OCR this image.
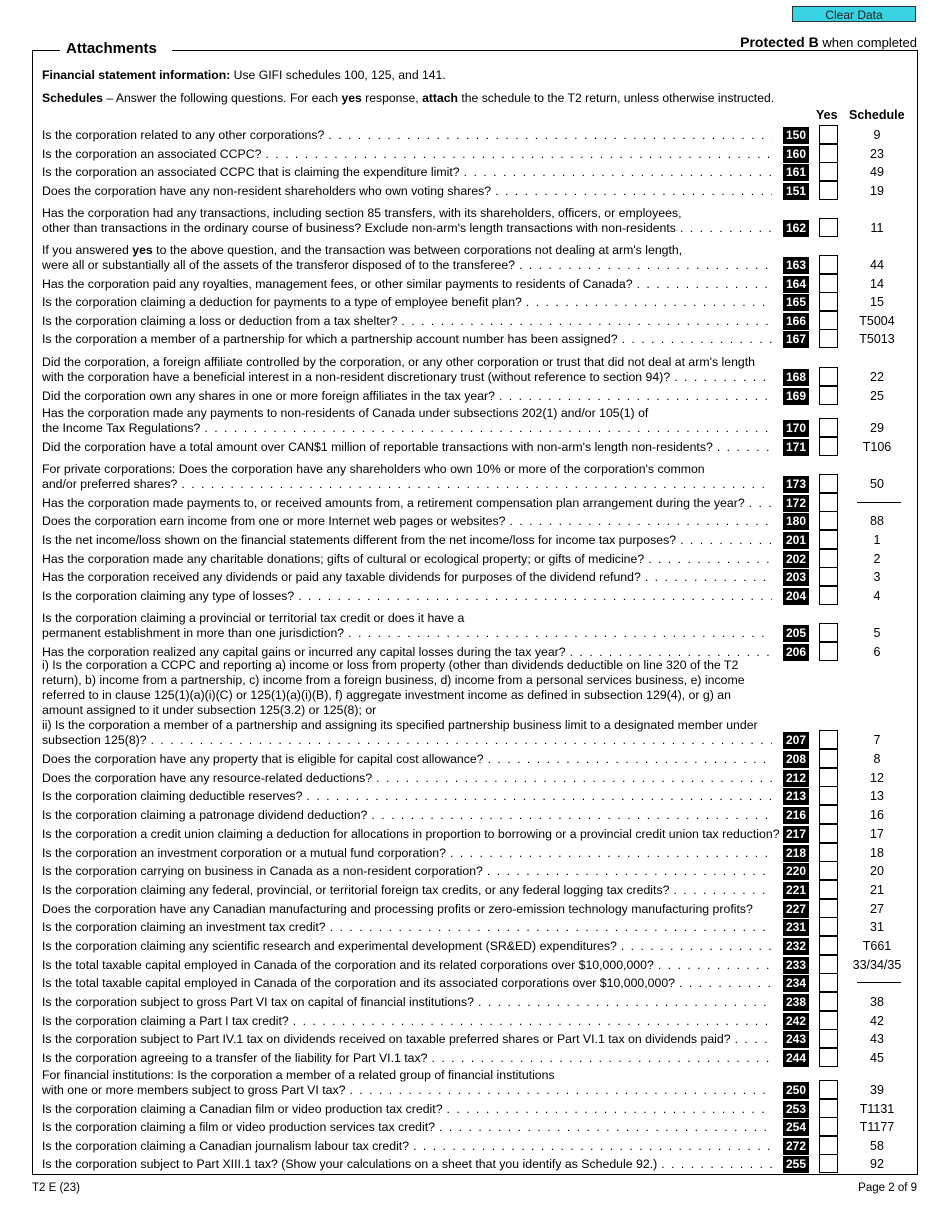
Clear Data
Protected B when completed
Attachments
Financial statement information: Use GIFI schedules 100, 125, and 141.
Schedules – Answer the following questions. For each yes response, attach the schedule to the T2 return, unless otherwise instructed.
Yes Schedule
Is the corporation related to any other corporations? . . .	150	9
Is the corporation an associated CCPC? . . .	160	23
Is the corporation an associated CCPC that is claiming the expenditure limit? . . .	161	49
Does the corporation have any non-resident shareholders who own voting shares? . . .	151	19
Has the corporation had any transactions, including section 85 transfers, with its shareholders, officers, or employees,
other than transactions in the ordinary course of business? Exclude non-arm's length transactions with non-residents . . .	162	11
If you answered yes to the above question, and the transaction was between corporations not dealing at arm's length,
were all or substantially all of the assets of the transferor disposed of to the transferee? . . .	163	44
Has the corporation paid any royalties, management fees, or other similar payments to residents of Canada? . . .	164	14
Is the corporation claiming a deduction for payments to a type of employee benefit plan? . . .	165	15
Is the corporation claiming a loss or deduction from a tax shelter? . . .	166	T5004
Is the corporation a member of a partnership for which a partnership account number has been assigned? . . .	167	T5013
Did the corporation, a foreign affiliate controlled by the corporation, or any other corporation or trust that did not deal at arm's length
with the corporation have a beneficial interest in a non-resident discretionary trust (without reference to section 94)? . . .	168	22
Did the corporation own any shares in one or more foreign affiliates in the tax year? . . .	169	25
Has the corporation made any payments to non-residents of Canada under subsections 202(1) and/or 105(1) of
the Income Tax Regulations? . . .	170	29
Did the corporation have a total amount over CAN$1 million of reportable transactions with non-arm's length non-residents? . . .	171	T106
For private corporations: Does the corporation have any shareholders who own 10% or more of the corporation's common
and/or preferred shares? . . .	173	50
Has the corporation made payments to, or received amounts from, a retirement compensation plan arrangement during the year? . . .	172
Does the corporation earn income from one or more Internet web pages or websites? . . .	180	88
Is the net income/loss shown on the financial statements different from the net income/loss for income tax purposes? . . .	201	1
Has the corporation made any charitable donations; gifts of cultural or ecological property; or gifts of medicine? . . .	202	2
Has the corporation received any dividends or paid any taxable dividends for purposes of the dividend refund? . . .	203	3
Is the corporation claiming any type of losses? . . .	204	4
Is the corporation claiming a provincial or territorial tax credit or does it have a
permanent establishment in more than one jurisdiction? . . .	205	5
Has the corporation realized any capital gains or incurred any capital losses during the tax year? . . .	206	6
i) Is the corporation a CCPC and reporting a) income or loss from property (other than dividends deductible on line 320 of the T2
return), b) income from a partnership, c) income from a foreign business, d) income from a personal services business, e) income
referred to in clause 125(1)(a)(i)(C) or 125(1)(a)(i)(B), f) aggregate investment income as defined in subsection 129(4), or g) an
amount assigned to it under subsection 125(3.2) or 125(8); or
ii) Is the corporation a member of a partnership and assigning its specified partnership business limit to a designated member under
subsection 125(8)? . . .	207	7
Does the corporation have any property that is eligible for capital cost allowance? . . .	208	8
Does the corporation have any resource-related deductions? . . .	212	12
Is the corporation claiming deductible reserves? . . .	213	13
Is the corporation claiming a patronage dividend deduction? . . .	216	16
Is the corporation a credit union claiming a deduction for allocations in proportion to borrowing or a provincial credit union tax reduction? 217	17
Is the corporation an investment corporation or a mutual fund corporation? . . .	218	18
Is the corporation carrying on business in Canada as a non-resident corporation? . . .	220	20
Is the corporation claiming any federal, provincial, or territorial foreign tax credits, or any federal logging tax credits? . . .	221	21
Does the corporation have any Canadian manufacturing and processing profits or zero-emission technology manufacturing profits?	227	27
Is the corporation claiming an investment tax credit? . . .	231	31
Is the corporation claiming any scientific research and experimental development (SR&ED) expenditures? . . .	232	T661
Is the total taxable capital employed in Canada of the corporation and its related corporations over $10,000,000? . . .	233	33/34/35
Is the total taxable capital employed in Canada of the corporation and its associated corporations over $10,000,000? . . .	234
Is the corporation subject to gross Part VI tax on capital of financial institutions? . . .	238	38
Is the corporation claiming a Part I tax credit? . . .	242	42
Is the corporation subject to Part IV.1 tax on dividends received on taxable preferred shares or Part VI.1 tax on dividends paid? . . .	243	43
Is the corporation agreeing to a transfer of the liability for Part VI.1 tax? . . .	244	45
For financial institutions: Is the corporation a member of a related group of financial institutions
with one or more members subject to gross Part VI tax? . . .	250	39
Is the corporation claiming a Canadian film or video production tax credit? . . .	253	T1131
Is the corporation claiming a film or video production services tax credit? . . .	254	T1177
Is the corporation claiming a Canadian journalism labour tax credit? . . .	272	58
Is the corporation subject to Part XIII.1 tax? (Show your calculations on a sheet that you identify as Schedule 92.) . . .	255	92
T2 E (23)	Page 2 of 9
